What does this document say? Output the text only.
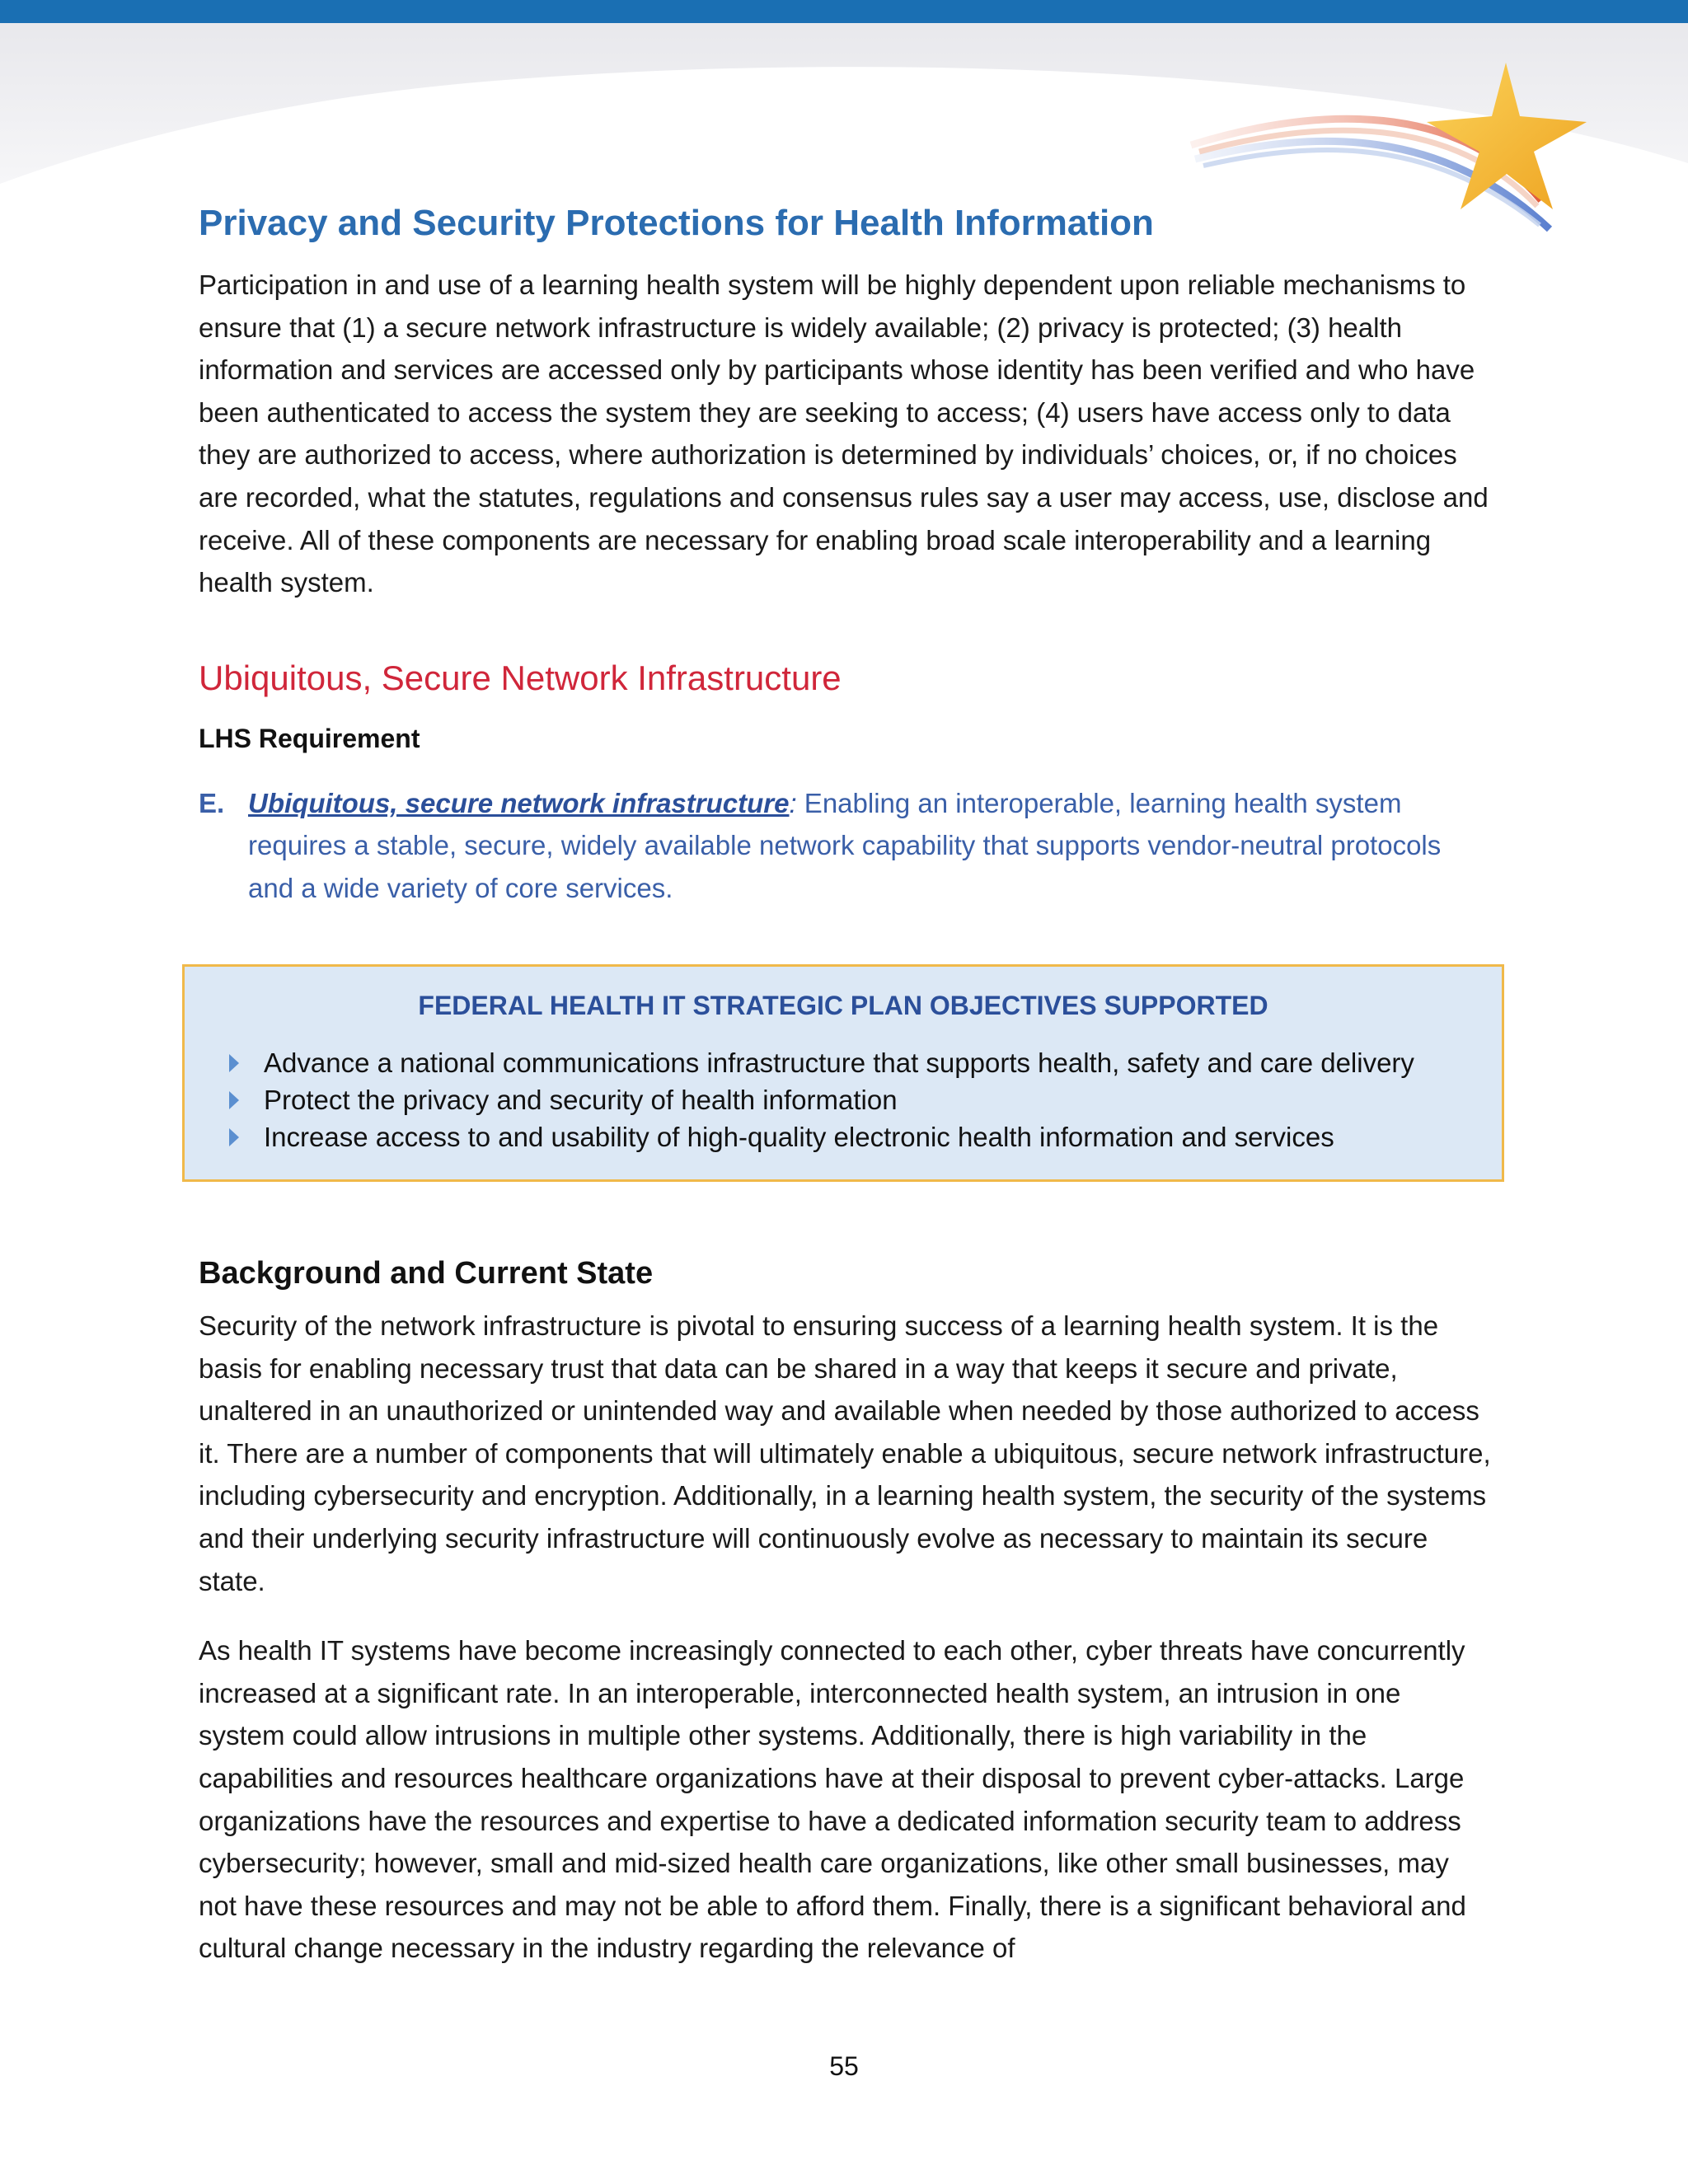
Privacy and Security Protections for Health Information

Participation in and use of a learning health system will be highly dependent upon reliable mechanisms to ensure that (1) a secure network infrastructure is widely available; (2) privacy is protected; (3) health information and services are accessed only by participants whose identity has been verified and who have been authenticated to access the system they are seeking to access; (4) users have access only to data they are authorized to access, where authorization is determined by individuals’ choices, or, if no choices are recorded, what the statutes, regulations and consensus rules say a user may access, use, disclose and receive. All of these components are necessary for enabling broad scale interoperability and a learning health system.

Ubiquitous, Secure Network Infrastructure
LHS Requirement
E. Ubiquitous, secure network infrastructure: Enabling an interoperable, learning health system requires a stable, secure, widely available network capability that supports vendor-neutral protocols and a wide variety of core services.
FEDERAL HEALTH IT STRATEGIC PLAN OBJECTIVES SUPPORTED
Advance a national communications infrastructure that supports health, safety and care delivery
Protect the privacy and security of health information
Increase access to and usability of high-quality electronic health information and services
Background and Current State

Security of the network infrastructure is pivotal to ensuring success of a learning health system. It is the basis for enabling necessary trust that data can be shared in a way that keeps it secure and private, unaltered in an unauthorized or unintended way and available when needed by those authorized to access it. There are a number of components that will ultimately enable a ubiquitous, secure network infrastructure, including cybersecurity and encryption. Additionally, in a learning health system, the security of the systems and their underlying security infrastructure will continuously evolve as necessary to maintain its secure state.

As health IT systems have become increasingly connected to each other, cyber threats have concurrently increased at a significant rate. In an interoperable, interconnected health system, an intrusion in one system could allow intrusions in multiple other systems. Additionally, there is high variability in the capabilities and resources healthcare organizations have at their disposal to prevent cyber-attacks. Large organizations have the resources and expertise to have a dedicated information security team to address cybersecurity; however, small and mid-sized health care organizations, like other small businesses, may not have these resources and may not be able to afford them. Finally, there is a significant behavioral and cultural change necessary in the industry regarding the relevance of

55
